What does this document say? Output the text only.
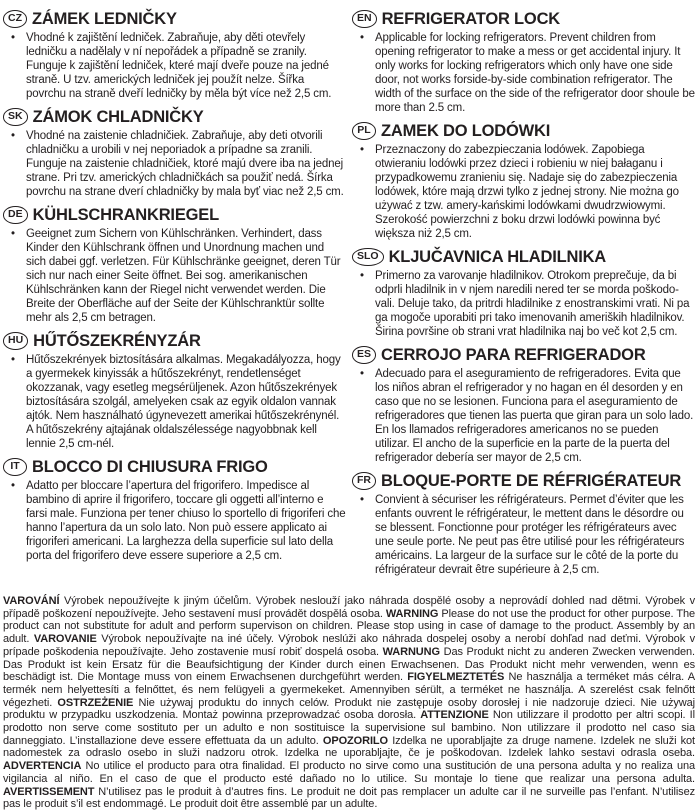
CZ ZÁMEK LEDNIČKY
• Vhodné k zajištění ledniček. Zabraňuje, aby děti otevřely ledničku a nadělaly v ní nepořádek a případně se zranily. Funguje k zajištění ledniček, které mají dveře pouze na jedné straně. U tzv. amerických ledniček jej použít nelze. Šířka povrchu na straně dveří ledničky by měla být více než 2,5 cm.

SK ZÁMOK CHLADNIČKY
• Vhodné na zaistenie chladničiek. Zabraňuje, aby deti otvorili chladničku a urobili v nej neporiadok a prípadne sa zranili. Funguje na zaistenie chladničiek, ktoré majú dvere iba na jednej strane. Pri tzv. amerických chladničkách sa použiť nedá. Šírka povrchu na strane dverí chladničky by mala byť viac než 2,5 cm.

DE KÜHLSCHRANKRIEGEL
• Geeignet zum Sichern von Kühlschränken. Verhindert, dass Kinder den Kühlschrank öffnen und Unordnung machen und sich dabei ggf. verletzen. Für Kühlschränke geeignet, deren Tür sich nur nach einer Seite öffnet. Bei sog. amerikanischen Kühlschränken kann der Riegel nicht verwendet werden. Die Breite der Oberfläche auf der Seite der Kühlschranktür sollte mehr als 2,5 cm betragen.

HU HŰTŐSZEKRÉNYZÁR
• Hűtőszekrények biztosítására alkalmas. Megakadályozza, hogy a gyermekek kinyissák a hűtőszekrényt, rendetlenséget okozzanak, vagy esetleg megsérüljenek. Azon hűtőszekrények biztosítására szolgál, amelyeken csak az egyik oldalon vannak ajtók. Nem használható úgynevezett amerikai hűtőszekrénynél. A hűtőszekrény ajtajának oldalszélessége nagyobbnak kell lennie 2,5 cm-nél.

IT BLOCCO DI CHIUSURA FRIGO
• Adatto per bloccare l’apertura del frigorifero. Impedisce al bambino di aprire il frigorifero, toccare gli oggetti all’interno e farsi male. Funziona per tener chiuso lo sportello di frigoriferi che hanno l’apertura da un solo lato. Non può essere applicato ai frigoriferi americani. La larghezza della superficie sul lato della porta del frigorifero deve essere superiore a 2,5 cm.

EN REFRIGERATOR LOCK
• Applicable for locking refrigerators. Prevent children from opening refrigerator to make a mess or get accidental injury. It only works for locking refrigerators which only have one side door, not works forside-by-side combination refrigerator. The width of the surface on the side of the refrigerator door shoule be more than 2.5 cm.

PL ZAMEK DO LODÓWKI
• Przeznaczony do zabezpieczania lodówek. Zapobiega otwieraniu lodówki przez dzieci i robieniu w niej bałaganu i przypadkowemu zranieniu się. Nadaje się do zabezpieczenia lodówek, które mają drzwi tylko z jednej strony. Nie można go używać z tzw. amery-kańskimi lodówkami dwudrzwiowymi. Szerokość powierzchni z boku drzwi lodówki powinna być większa niż 2,5 cm.

SLO KLJUČAVNICA HLADILNIKA
• Primerno za varovanje hladilnikov. Otrokom preprečuje, da bi odprli hladilnik in v njem naredili nered ter se morda poškodo-vali. Deluje tako, da pritrdi hladilnike z enostranskimi vrati. Ni pa ga mogoče uporabiti pri tako imenovanih ameriških hladilnikov. Širina površine ob strani vrat hladilnika naj bo več kot 2,5 cm.

ES CERROJO PARA REFRIGERADOR
• Adecuado para el aseguramiento de refrigeradores. Evita que los niños abran el refrigerador y no hagan en él desorden y en caso que no se lesionen. Funciona para el aseguramiento de refrigeradores que tienen las puerta que giran para un solo lado. En los llamados refrigeradores americanos no se pueden utilizar. El ancho de la superficie en la parte de la puerta del refrigerador debería ser mayor de 2,5 cm.

FR BLOQUE-PORTE DE RÉFRIGÉRATEUR
• Convient à sécuriser les réfrigérateurs. Permet d’éviter que les enfants ouvrent le réfrigérateur, le mettent dans le désordre ou se blessent. Fonctionne pour protéger les réfrigérateurs avec une seule porte. Ne peut pas être utilisé pour les réfrigérateurs américains. La largeur de la surface sur le côté de la porte du réfrigérateur devrait être supérieure à 2,5 cm.

VAROVÁNÍ Výrobek nepoužívejte k jiným účelům. Výrobek neslouží jako náhrada dospělé osoby a neprovádí dohled nad dětmi. Výrobek v případě poškození nepoužívejte. Jeho sestavení musí provádět dospělá osoba. WARNING Please do not use the product for other purpose. The product can not substitute for adult and perform supervison on children. Please stop using in case of damage to the product. Assembly by an adult. VAROVANIE Výrobok nepoužívajte na iné účely. Výrobok neslúži ako náhrada dospelej osoby a nerobí dohľad nad deťmi. Výrobok v prípade poškodenia nepoužívajte. Jeho zostavenie musí robiť dospelá osoba. WARNUNG Das Produkt nicht zu anderen Zwecken verwenden. Das Produkt ist kein Ersatz für die Beaufsichtigung der Kinder durch einen Erwachsenen. Das Produkt nicht mehr verwenden, wenn es beschädigt ist. Die Montage muss von einem Erwachsenen durchgeführt werden. FIGYELMEZTETÉS Ne használja a terméket más célra. A termék nem helyettesíti a felnőttet, és nem felügyeli a gyermekeket. Amennyiben sérült, a terméket ne használja. A szerelést csak felnőtt végezheti. OSTRZEŻENIE Nie używaj produktu do innych celów. Produkt nie zastępuje osoby dorosłej i nie nadzoruje dzieci. Nie używaj produktu w przypadku uszkodzenia. Montaż powinna przeprowadzać osoba dorosła. ATTENZIONE Non utilizzare il prodotto per altri scopi. Il prodotto non serve come sostituto per un adulto e non sostituisce la supervisione sul bambino. Non utilizzare il prodotto nel caso sia danneggiato. L’installazione deve essere effettuata da un adulto. OPOZORILO Izdelka ne uporabljajte za druge namene. Izdelek ne služi kot nadomestek za odraslo osebo in služi nadzoru otrok. Izdelka ne uporabljajte, če je poškodovan. Izdelek lahko sestavi odrasla oseba. ADVERTENCIA No utilice el producto para otra finalidad. El producto no sirve como una sustitución de una persona adulta y no realiza una vigilancia al niño. En el caso de que el producto esté dañado no lo utilice. Su montaje lo tiene que realizar una persona adulta. AVERTISSEMENT N’utilisez pas le produit à d’autres fins. Le produit ne doit pas remplacer un adulte car il ne surveille pas l’enfant. N’utilisez pas le produit s’il est endommagé. Le produit doit être assemblé par un adulte.
